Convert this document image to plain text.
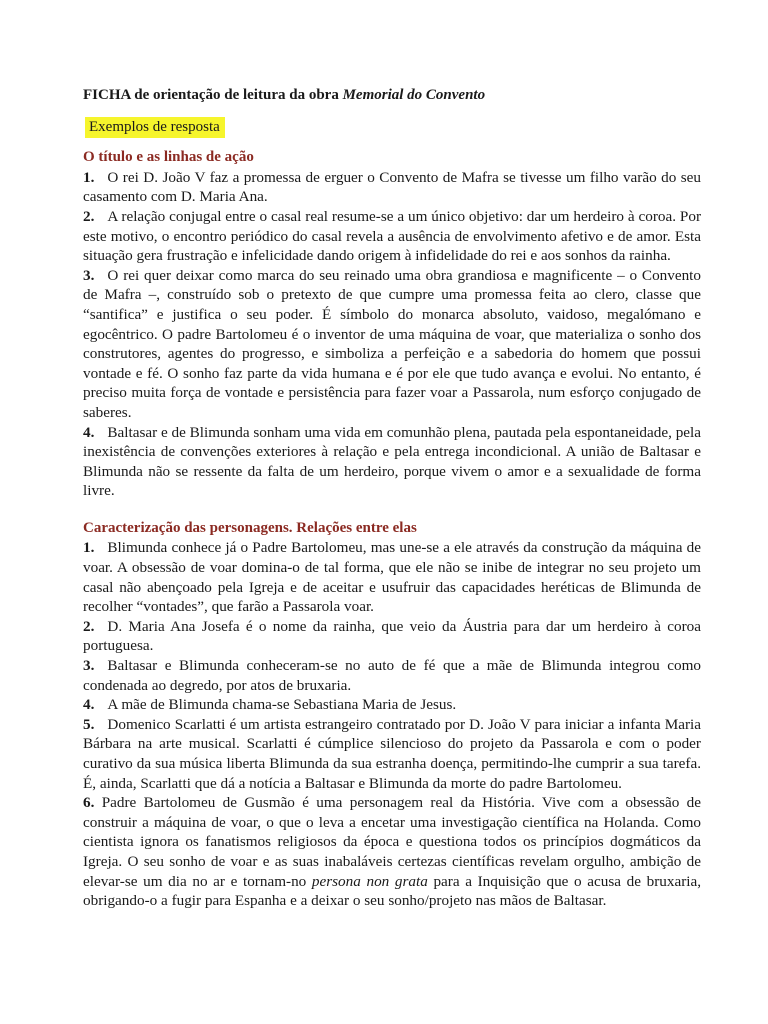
FICHA de orientação de leitura da obra Memorial do Convento

Exemplos de resposta

O título e as linhas de ação

1. O rei D. João V faz a promessa de erguer o Convento de Mafra se tivesse um filho varão do seu casamento com D. Maria Ana.

2. A relação conjugal entre o casal real resume-se a um único objetivo: dar um herdeiro à coroa. Por este motivo, o encontro periódico do casal revela a ausência de envolvimento afetivo e de amor. Esta situação gera frustração e infelicidade dando origem à infidelidade do rei e aos sonhos da rainha.

3. O rei quer deixar como marca do seu reinado uma obra grandiosa e magnificente – o Convento de Mafra –, construído sob o pretexto de que cumpre uma promessa feita ao clero, classe que “santifica” e justifica o seu poder. É símbolo do monarca absoluto, vaidoso, megalómano e egocêntrico. O padre Bartolomeu é o inventor de uma máquina de voar, que materializa o sonho dos construtores, agentes do progresso, e simboliza a perfeição e a sabedoria do homem que possui vontade e fé. O sonho faz parte da vida humana e é por ele que tudo avança e evolui. No entanto, é preciso muita força de vontade e persistência para fazer voar a Passarola, num esforço conjugado de saberes.

4. Baltasar e de Blimunda sonham uma vida em comunhão plena, pautada pela espontaneidade, pela inexistência de convenções exteriores à relação e pela entrega incondicional. A união de Baltasar e Blimunda não se ressente da falta de um herdeiro, porque vivem o amor e a sexualidade de forma livre.

Caracterização das personagens. Relações entre elas

1. Blimunda conhece já o Padre Bartolomeu, mas une-se a ele através da construção da máquina de voar. A obsessão de voar domina-o de tal forma, que ele não se inibe de integrar no seu projeto um casal não abençoado pela Igreja e de aceitar e usufruir das capacidades heréticas de Blimunda de recolher “vontades”, que farão a Passarola voar.

2. D. Maria Ana Josefa é o nome da rainha, que veio da Áustria para dar um herdeiro à coroa portuguesa.

3. Baltasar e Blimunda conheceram-se no auto de fé que a mãe de Blimunda integrou como condenada ao degredo, por atos de bruxaria.

4. A mãe de Blimunda chama-se Sebastiana Maria de Jesus.

5. Domenico Scarlatti é um artista estrangeiro contratado por D. João V para iniciar a infanta Maria Bárbara na arte musical. Scarlatti é cúmplice silencioso do projeto da Passarola e com o poder curativo da sua música liberta Blimunda da sua estranha doença, permitindo-lhe cumprir a sua tarefa. É, ainda, Scarlatti que dá a notícia a Baltasar e Blimunda da morte do padre Bartolomeu.

6. Padre Bartolomeu de Gusmão é uma personagem real da História. Vive com a obsessão de construir a máquina de voar, o que o leva a encetar uma investigação científica na Holanda. Como cientista ignora os fanatismos religiosos da época e questiona todos os princípios dogmáticos da Igreja. O seu sonho de voar e as suas inabaláveis certezas científicas revelam orgulho, ambição de elevar-se um dia no ar e tornam-no persona non grata para a Inquisição que o acusa de bruxaria, obrigando-o a fugir para Espanha e a deixar o seu sonho/projeto nas mãos de Baltasar.
